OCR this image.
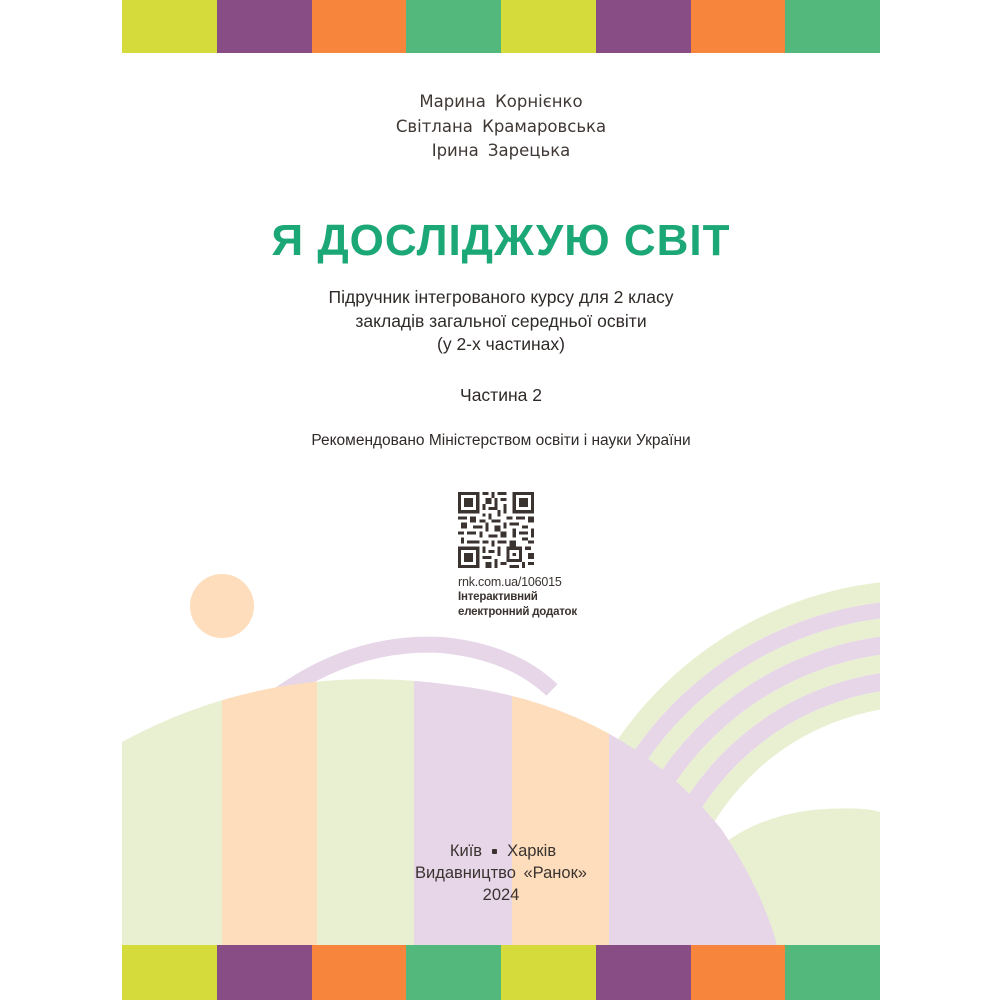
Марина Корнієнко
Світлана Крамаровська
Ірина Зарецька
Я ДОСЛІДЖУЮ СВІТ
Підручник інтегрованого курсу для 2 класу
закладів загальної середньої освіти
(у 2-х частинах)
Частина 2
Рекомендовано Міністерством освіти і науки України
rnk.com.ua/106015
Інтерактивний
електронний додаток
Київ Харків
Видавництво «Ранок»
2024
